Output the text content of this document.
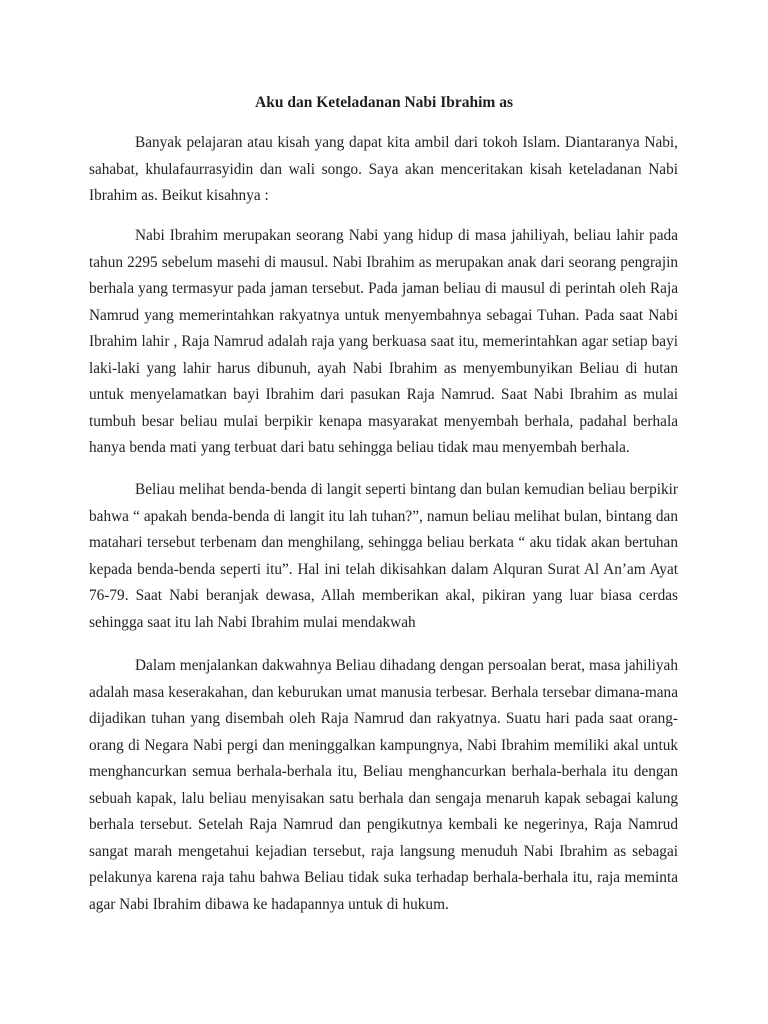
Aku dan Keteladanan Nabi Ibrahim as

Banyak pelajaran atau kisah yang dapat kita ambil dari tokoh Islam. Diantaranya Nabi, sahabat, khulafaurrasyidin dan wali songo. Saya akan menceritakan kisah keteladanan Nabi Ibrahim as. Beikut kisahnya :

Nabi Ibrahim merupakan seorang Nabi yang hidup di masa jahiliyah, beliau lahir pada tahun 2295 sebelum masehi di mausul. Nabi Ibrahim as merupakan anak dari seorang pengrajin berhala yang termasyur pada jaman tersebut. Pada jaman beliau di mausul di perintah oleh Raja Namrud yang memerintahkan rakyatnya untuk menyembahnya sebagai Tuhan. Pada saat Nabi Ibrahim lahir , Raja Namrud adalah raja yang berkuasa saat itu, memerintahkan agar setiap bayi laki-laki yang lahir harus dibunuh, ayah Nabi Ibrahim as menyembunyikan Beliau di hutan untuk menyelamatkan bayi Ibrahim dari pasukan Raja Namrud. Saat Nabi Ibrahim as mulai tumbuh besar beliau mulai berpikir kenapa masyarakat menyembah berhala, padahal berhala hanya benda mati yang terbuat dari batu sehingga beliau tidak mau menyembah berhala.

Beliau melihat benda-benda di langit seperti bintang dan bulan kemudian beliau berpikir bahwa “ apakah benda-benda di langit itu lah tuhan?”, namun beliau melihat bulan, bintang dan matahari tersebut terbenam dan menghilang, sehingga beliau berkata “ aku tidak akan bertuhan kepada benda-benda seperti itu”. Hal ini telah dikisahkan dalam Alquran Surat Al An’am Ayat 76-79. Saat Nabi beranjak dewasa, Allah memberikan akal, pikiran yang luar biasa cerdas sehingga saat itu lah Nabi Ibrahim mulai mendakwah

Dalam menjalankan dakwahnya Beliau dihadang dengan persoalan berat, masa jahiliyah adalah masa keserakahan, dan keburukan umat manusia terbesar. Berhala tersebar dimana-mana dijadikan tuhan yang disembah oleh Raja Namrud dan rakyatnya. Suatu hari pada saat orang-orang di Negara Nabi pergi dan meninggalkan kampungnya, Nabi Ibrahim memiliki akal untuk menghancurkan semua berhala-berhala itu, Beliau menghancurkan berhala-berhala itu dengan sebuah kapak, lalu beliau menyisakan satu berhala dan sengaja menaruh kapak sebagai kalung berhala tersebut. Setelah Raja Namrud dan pengikutnya kembali ke negerinya, Raja Namrud sangat marah mengetahui kejadian tersebut, raja langsung menuduh Nabi Ibrahim as sebagai pelakunya karena raja tahu bahwa Beliau tidak suka terhadap berhala-berhala itu, raja meminta agar Nabi Ibrahim dibawa ke hadapannya untuk di hukum.
